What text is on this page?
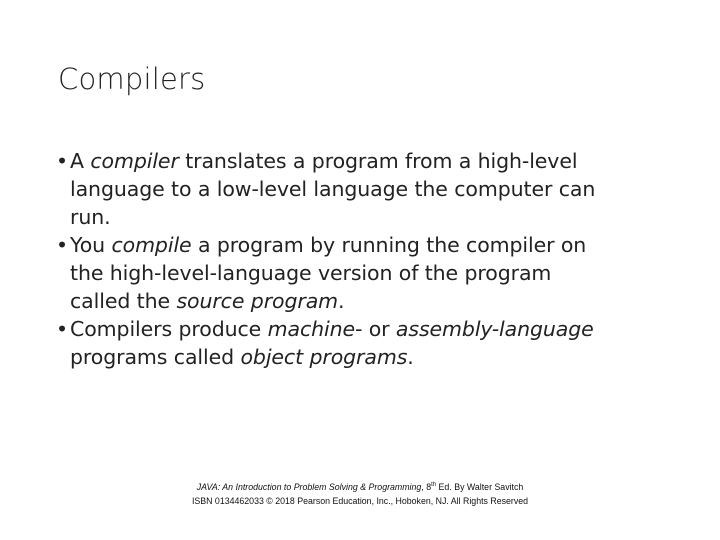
Compilers
• A compiler translates a program from a high-level
language to a low-level language the computer can
run.
• You compile a program by running the compiler on
the high-level-language version of the program
called the source program.
• Compilers produce machine- or assembly-language
programs called object programs.
JAVA: An Introduction to Problem Solving & Programming, 8th Ed. By Walter Savitch
ISBN 0134462033 © 2018 Pearson Education, Inc., Hoboken, NJ. All Rights Reserved
